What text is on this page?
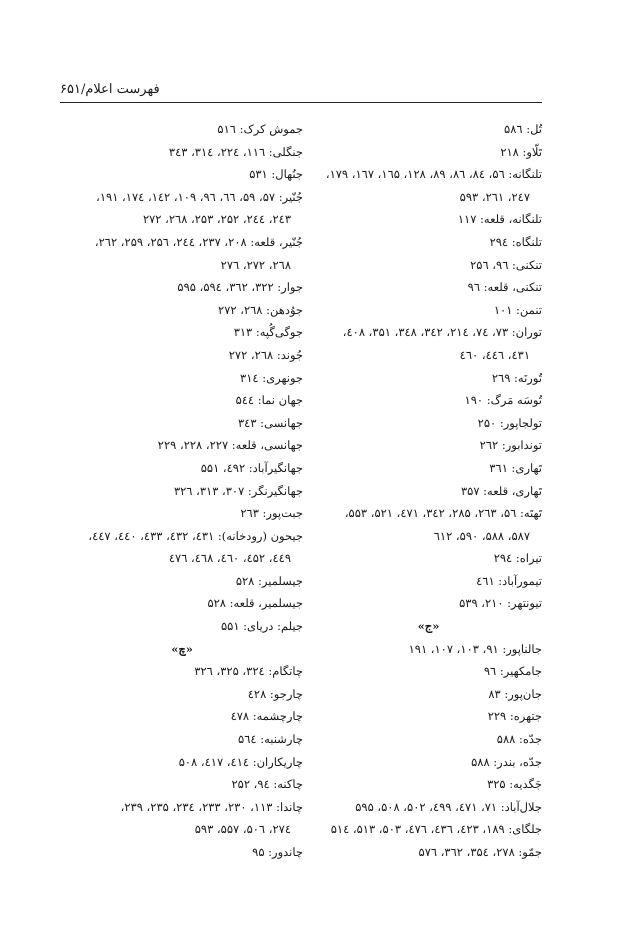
فهرست اعلام/۶۵۱
تُل: ۵۸٦
تَلّاو: ۲۱۸
تلنگانه: ۵٦، ۸٤، ۸٦، ۸۹، ۱۲۸، ۱٦۵، ۱٦۷، ۱۷۹،
۲٤۷، ۲٦۱، ۵۹۳
تلنگانه، قلعه: ۱۱۷
تلنگاه: ۲۹٤
تنکنی: ۹٦، ۲۵٦
تنکنی، قلعه: ۹٦
تنمن: ۱۰۱
توران: ۷۳، ۷٤، ۲۱٤، ۳٤۲، ۳٤۸، ۳۵۱، ٤۰۸،
٤۳۱، ٤٤٦، ٤٦۰
تُورنَه: ۲٦۹
تُوسَه مَرگ: ۱۹۰
تولجاپور: ۲۵۰
توندابور: ۲٦۲
تَهاری: ۳٦۱
تَهاری، قلعه: ۳۵۷
تَهتَه: ۵٦، ۲٦۳، ۲۸۵، ۳٤۲، ٤۷۱، ۵۲۱، ۵۵۳،
۵۸۷، ۵۸۸، ۵۹۰، ٦۱۲
تیراه: ۲۹٤
تیمورآباد: ٤٦۱
تیونتهر: ۲۱۰، ۵۳۹
«ج»
جالناپور: ۹۱، ۱۰۳، ۱۰۷، ۱۹۱
جامکهیر: ۹٦
جان‌پور: ۸۳
جتهره: ۲۲۹
جدّه: ۵۸۸
جدّه، بندر: ۵۸۸
جَگدیه: ۳۲۵
جلال‌آباد: ۷۱، ٤۷۱، ٤۹۹، ۵۰۲، ۵۰۸، ۵۹۵
جلگای: ۱۸۹، ٤۲۳، ٤۳٦، ٤۷٦، ۵۰۳، ۵۱۳، ۵۱٤
جمّو: ۲۷۸، ۳۵٤، ۳٦۲، ۵۷٦
جموش کرک: ۵۱٦
جنگلی: ۱۱٦، ۲۲٤، ۳۱٤، ۳٤۳
جنُهال: ۵۳۱
جُنّیر: ۵۷، ۵۹، ٦٦، ۹٦، ۱۰۹، ۱٤۲، ۱۷٤، ۱۹۱،
۲٤۳، ۲٤٤، ۲۵۲، ۲۵۳، ۲٦۸، ۲۷۲
جُنّیر، قلعه: ۲۰۸، ۲۳۷، ۲٤٤، ۲۵٦، ۲۵۹، ۲٦۲،
۲٦۸، ۲۷۲، ۲۷٦
جوار: ۳۲۲، ۳٦۲، ۵۹٤، ۵۹۵
جوُدهن: ۲٦۸، ۲۷۲
جوگی‌گُپه: ۳۱۳
جُوند: ۲٦۸، ۲۷۲
جونهری: ۳۱٤
جهان نما: ۵٤٤
جهانسی: ۳٤۳
جهانسی، قلعه: ۲۲۷، ۲۲۸، ۲۲۹
جهانگیرآباد: ٤۹۲، ۵۵۱
جهانگیرنگر: ۳۰۷، ۳۱۳، ۳۲٦
جبت‌پور: ۲٦۳
جیحون (رودخانه): ٤۳۱، ٤۳۲، ٤۳۳، ٤٤۰، ٤٤۷،
٤٤۹، ٤۵۲، ٤٦۰، ٤٦۸، ٤۷٦
جیسلمیر: ۵۲۸
جیسلمیر، قلعه: ۵۲۸
جیلم: دریای: ۵۵۱
«چ»
چاتگام: ۳۲٤، ۳۲۵، ۳۲٦
چارجو: ٤۲۸
چارچشمه: ٤۷۸
چارشنبه: ۵٦٤
چاریکاران: ٤۱٤، ٤۱۷، ۵۰۸
چاکنه: ۹٤، ۲۵۲
چاندا: ۱۱۳، ۲۳۰، ۲۳۳، ۲۳٤، ۲۳۵، ۲۳۹،
۲۷٤، ۵۰٦، ۵۵۷، ۵۹۳
چاندور: ۹۵
